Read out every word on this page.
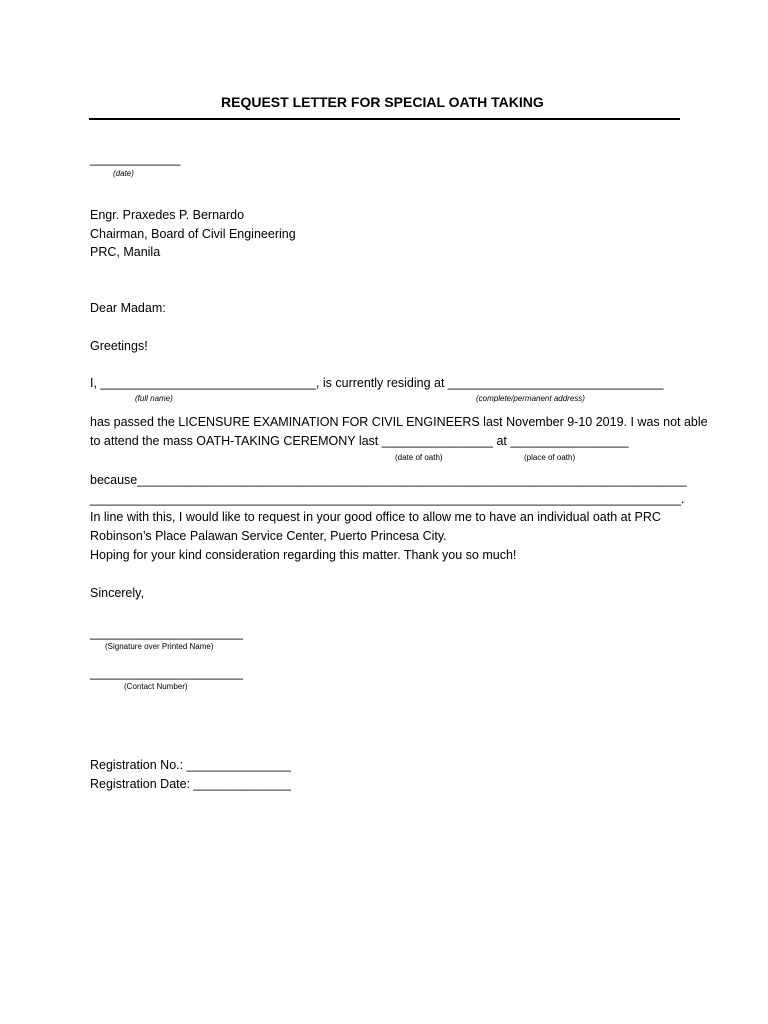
REQUEST LETTER FOR SPECIAL OATH TAKING
_____________
(date)
Engr. Praxedes P. Bernardo
Chairman, Board of Civil Engineering
PRC, Manila
Dear Madam:
Greetings!
I, _______________________________, is currently residing at _______________________________
(full name)	(complete/permanent address)
has passed the LICENSURE EXAMINATION FOR CIVIL ENGINEERS last November 9-10 2019. I was not able
to attend the mass OATH-TAKING CEREMONY last ________________ at _________________
(date of oath)	(place of oath)
because_______________________________________________________________________________
_____________________________________________________________________________________.
In line with this, I would like to request in your good office to allow me to have an individual oath at PRC
Robinson’s Place Palawan Service Center, Puerto Princesa City.
Hoping for your kind consideration regarding this matter. Thank you so much!
Sincerely,
______________________
(Signature over Printed Name)
______________________
(Contact Number)
Registration No.: _______________
Registration Date: ______________
